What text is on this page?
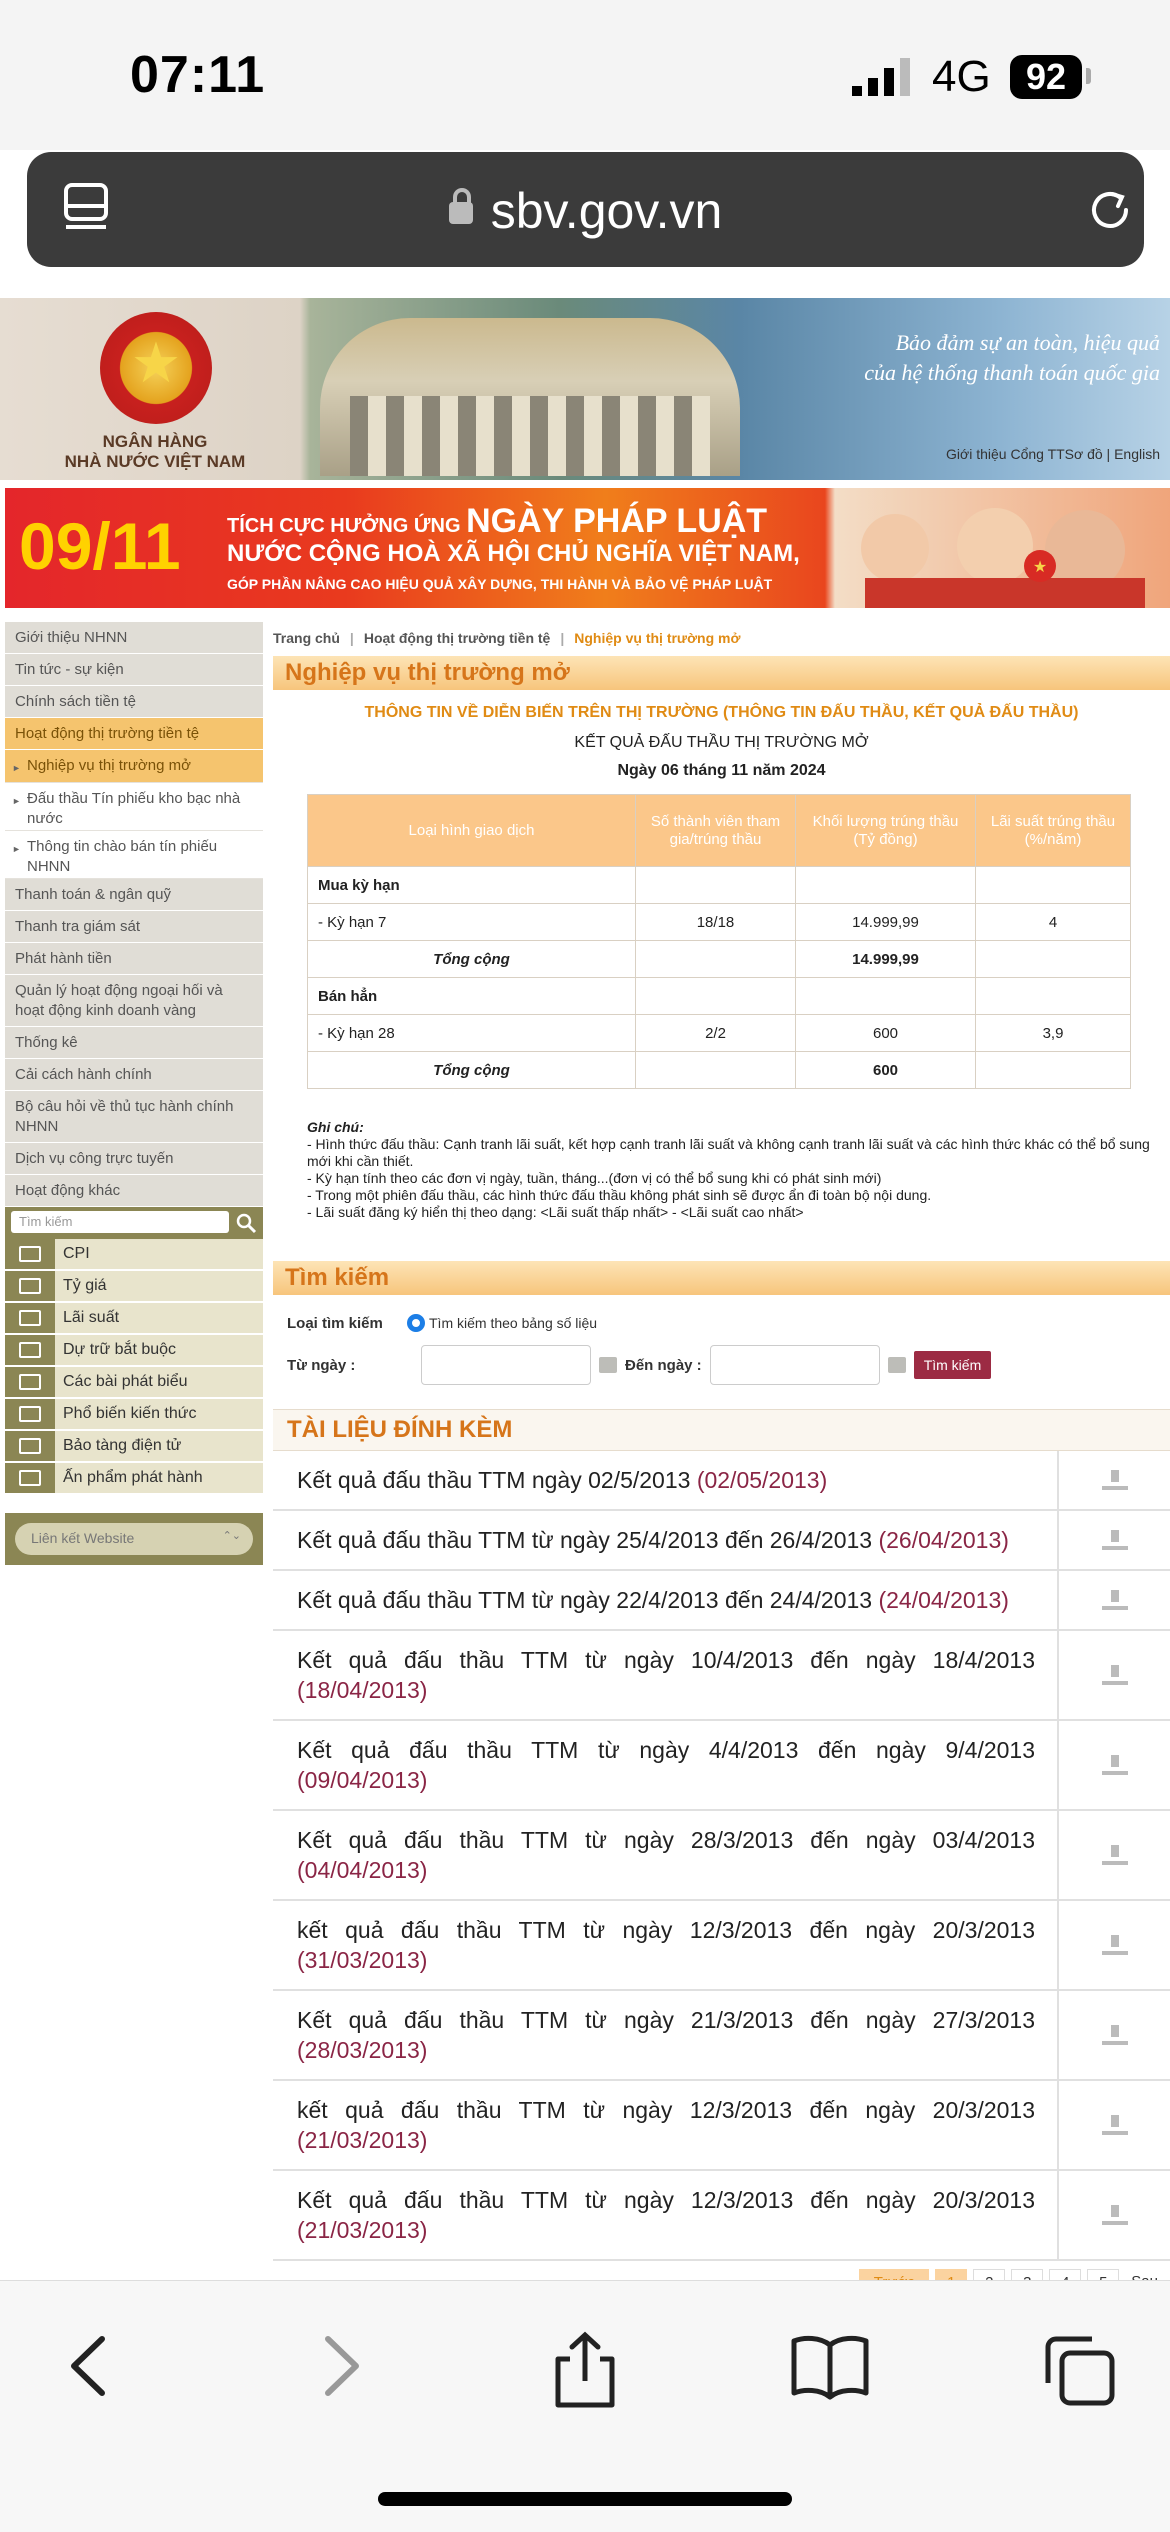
07:11	4G 92
sbv.gov.vn
★
NGÂN HÀNG
NHÀ NƯỚC VIỆT NAM
Bảo đảm sự an toàn, hiệu quả
của hệ thống thanh toán quốc gia
Giới thiệu Cổng TTSơ đồ | English
09/11 TÍCH CỰC HƯỞNG ỨNG NGÀY PHÁP LUẬT
NƯỚC CỘNG HOÀ XÃ HỘI CHỦ NGHĨA VIỆT NAM,
GÓP PHẦN NÂNG CAO HIỆU QUẢ XÂY DỰNG, THI HÀNH VÀ BẢO VỆ PHÁP LUẬT
★
Giới thiệu NHNN
Tin tức - sự kiện
Chính sách tiền tệ
Hoạt động thị trường tiền tệ
► Nghiệp vụ thị trường mở
► Đấu thầu Tín phiếu kho bạc nhà nước
► Thông tin chào bán tín phiếu NHNN
Thanh toán & ngân quỹ
Thanh tra giám sát
Phát hành tiền
Quản lý hoạt động ngoại hối và hoạt động kinh doanh vàng
Thống kê
Cải cách hành chính
Bộ câu hỏi về thủ tục hành chính NHNN
Dịch vụ công trực tuyến
Hoạt động khác
Tìm kiếm
CPI
Tỷ giá
Lãi suất
Dự trữ bắt buộc
Các bài phát biểu
Phổ biến kiến thức
Bảo tàng điện tử
Ấn phẩm phát hành
Liên kết Website ⌃⌄
Trang chủ | Hoạt động thị trường tiền tệ | Nghiệp vụ thị trường mở
Nghiệp vụ thị trường mở
THÔNG TIN VỀ DIỄN BIẾN TRÊN THỊ TRƯỜNG (THÔNG TIN ĐẤU THẦU, KẾT QUẢ ĐẤU THẦU)
KẾT QUẢ ĐẤU THẦU THỊ TRƯỜNG MỞ
Ngày 06 tháng 11 năm 2024
Loại hình giao dịch	Số thành viên tham gia/trúng thầu	Khối lượng trúng thầu (Tỷ đồng)	Lãi suất trúng thầu (%/năm)
Mua kỳ hạn			
- Kỳ hạn 7	18/18	14.999,99	4
Tổng cộng		14.999,99	
Bán hẳn			
- Kỳ hạn 28	2/2	600	3,9
Tổng cộng		600	
Ghi chú:
- Hình thức đấu thầu: Cạnh tranh lãi suất, kết hợp cạnh tranh lãi suất và không cạnh tranh lãi suất và các hình thức khác có thể bổ sung mới khi cần thiết.
- Kỳ hạn tính theo các đơn vị ngày, tuần, tháng...(đơn vị có thể bổ sung khi có phát sinh mới)
- Trong một phiên đấu thầu, các hình thức đấu thầu không phát sinh sẽ được ẩn đi toàn bộ nội dung.
- Lãi suất đăng ký hiển thị theo dạng: <Lãi suất thấp nhất> - <Lãi suất cao nhất>
Tìm kiếm
Loại tìm kiếm	Tìm kiếm theo bảng số liệu
Từ ngày :	Đến ngày :	Tìm kiếm
TÀI LIỆU ĐÍNH KÈM
Kết quả đấu thầu TTM ngày 02/5/2013 (02/05/2013)
Kết quả đấu thầu TTM từ ngày 25/4/2013 đến 26/4/2013 (26/04/2013)
Kết quả đấu thầu TTM từ ngày 22/4/2013 đến 24/4/2013 (24/04/2013)
Kết quả đấu thầu TTM từ ngày 10/4/2013 đến ngày 18/4/2013 (18/04/2013)
Kết quả đấu thầu TTM từ ngày 4/4/2013 đến ngày 9/4/2013 (09/04/2013)
Kết quả đấu thầu TTM từ ngày 28/3/2013 đến ngày 03/4/2013 (04/04/2013)
kết quả đấu thầu TTM từ ngày 12/3/2013 đến ngày 20/3/2013 (31/03/2013)
Kết quả đấu thầu TTM từ ngày 21/3/2013 đến ngày 27/3/2013 (28/03/2013)
kết quả đấu thầu TTM từ ngày 12/3/2013 đến ngày 20/3/2013 (21/03/2013)
Kết quả đấu thầu TTM từ ngày 12/3/2013 đến ngày 20/3/2013 (21/03/2013)
